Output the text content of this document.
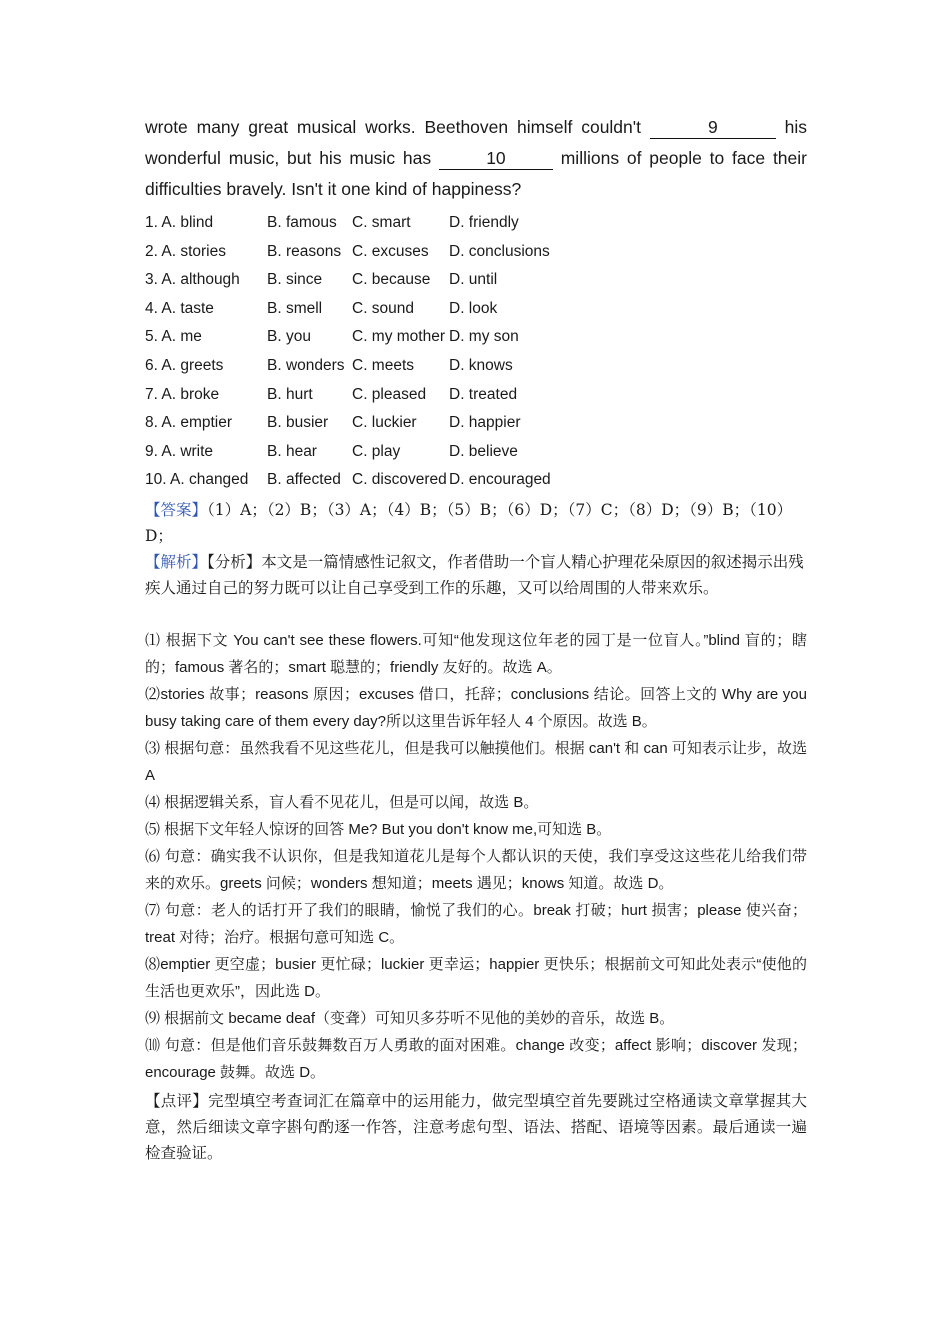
wrote many great musical works. Beethoven himself couldn't	9	his wonderful music, but his music has	10	millions of people to face their difficulties bravely. Isn't it one kind of happiness?
1. A. blind	B. famous C. smart	D. friendly
2. A. stories	B. reasons C. excuses	D. conclusions
3. A. although	B. since	C. because	D. until
4. A. taste	B. smell	C. sound	D. look
5. A. me	B. you	C. my mother D. my son
6. A. greets	B. wonders C. meets	D. knows
7. A. broke	B. hurt	C. pleased	D. treated
8. A. emptier	B. busier	C. luckier	D. happier
9. A. write	B. hear	C. play	D. believe
10. A. changed	B. affected C. discovered D. encouraged
【答案】（1）A；（2）B；（3）A；（4）B；（5）B；（6）D；（7）C；（8）D；（9）B；（10）D；
【解析】【分析】本文是一篇情感性记叙文，作者借助一个盲人精心护理花朵原因的叙述揭示出残疾人通过自己的努力既可以让自己享受到工作的乐趣，又可以给周围的人带来欢乐。
⑴ 根据下文 You can't see these flowers.可知“他发现这位年老的园丁是一位盲人。”blind 盲的；瞎的；famous 著名的；smart 聪慧的；friendly 友好的。故选 A。
⑵stories 故事；reasons 原因；excuses 借口，托辞；conclusions 结论。回答上文的 Why are you busy taking care of them every day?所以这里告诉年轻人 4 个原因。故选 B。
⑶ 根据句意：虽然我看不见这些花儿，但是我可以触摸他们。根据 can't 和 can 可知表示让步，故选 A
⑷ 根据逻辑关系，盲人看不见花儿，但是可以闻，故选 B。
⑸ 根据下文年轻人惊讶的回答 Me? But you don't know me,可知选 B。
⑹ 句意：确实我不认识你，但是我知道花儿是每个人都认识的天使，我们享受这这些花儿给我们带来的欢乐。greets 问候；wonders 想知道；meets 遇见；knows 知道。故选 D。
⑺ 句意：老人的话打开了我们的眼睛，愉悦了我们的心。break 打破；hurt 损害；please 使兴奋；treat 对待；治疗。根据句意可知选 C。
⑻emptier 更空虚；busier 更忙碌；luckier 更幸运；happier 更快乐；根据前文可知此处表示“使他的生活也更欢乐”，因此选 D。
⑼ 根据前文 became deaf（变聋）可知贝多芬听不见他的美妙的音乐，故选 B。
⑽ 句意：但是他们音乐鼓舞数百万人勇敢的面对困难。change 改变；affect 影响；discover 发现；encourage 鼓舞。故选 D。
【点评】完型填空考查词汇在篇章中的运用能力，做完型填空首先要跳过空格通读文章掌握其大意，然后细读文章字斟句酌逐一作答，注意考虑句型、语法、搭配、语境等因素。最后通读一遍检查验证。
